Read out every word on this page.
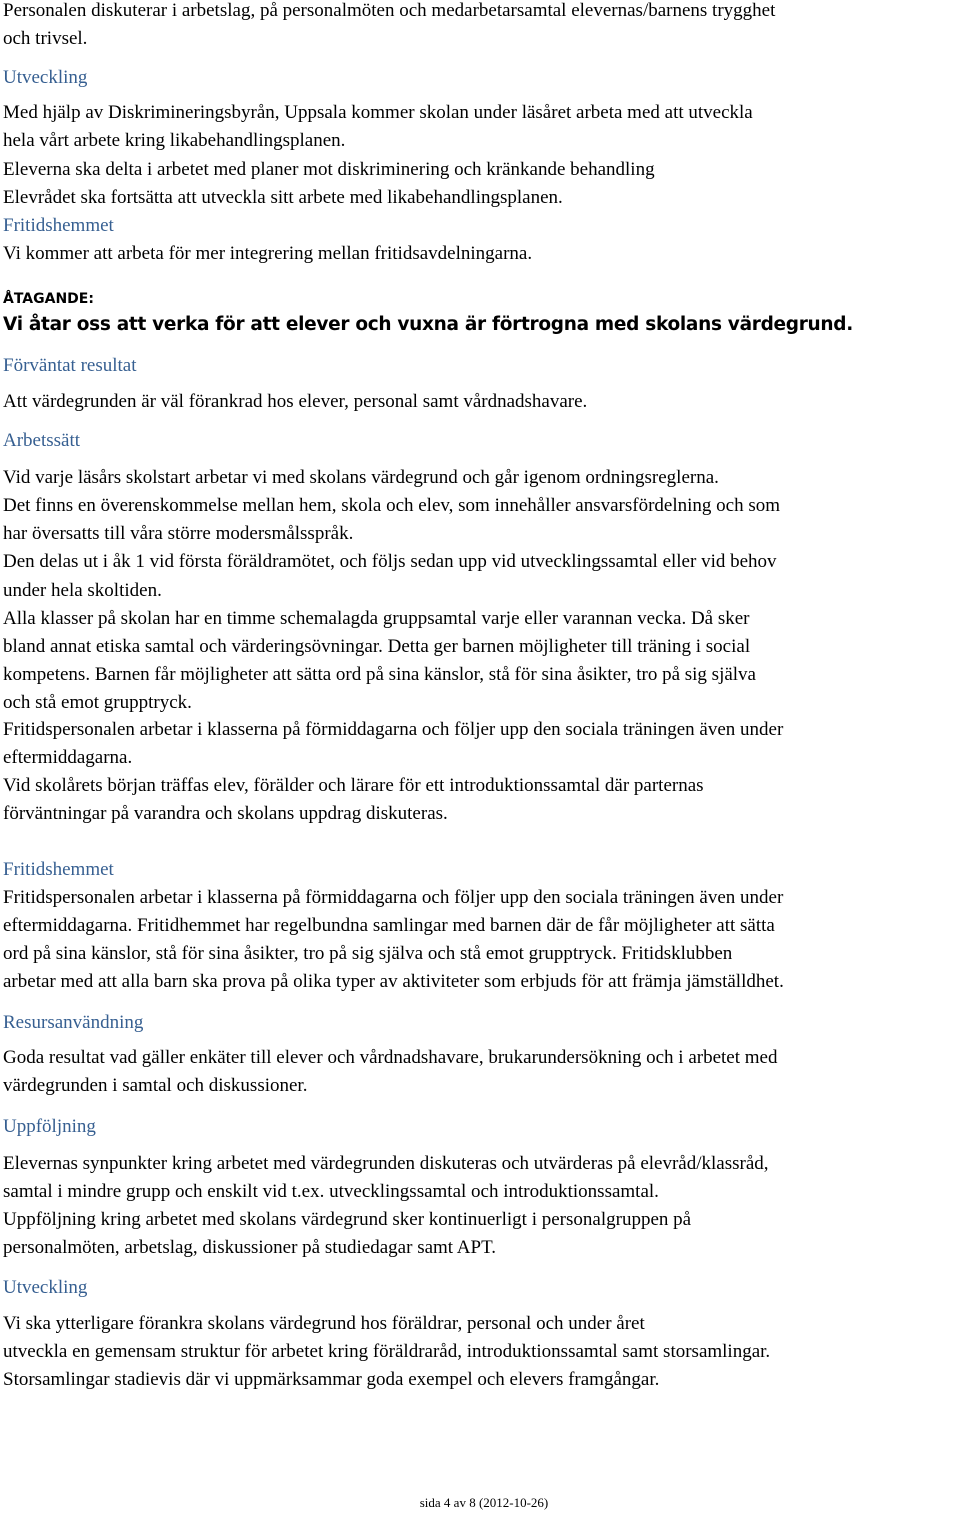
Personalen diskuterar i arbetslag, på personalmöten och medarbetarsamtal elevernas/barnens trygghet
och trivsel.
Utveckling
Med hjälp av Diskrimineringsbyrån, Uppsala kommer skolan under läsåret arbeta med att utveckla
hela vårt arbete kring likabehandlingsplanen.
Eleverna ska delta i arbetet med planer mot diskriminering och kränkande behandling
Elevrådet ska fortsätta att utveckla sitt arbete med likabehandlingsplanen.
Fritidshemmet
Vi kommer att arbeta för mer integrering mellan fritidsavdelningarna.
ÅTAGANDE:
Vi åtar oss att verka för att elever och vuxna är förtrogna med skolans värdegrund.
Förväntat resultat
Att värdegrunden är väl förankrad hos elever, personal samt vårdnadshavare.
Arbetssätt
Vid varje läsårs skolstart arbetar vi med skolans värdegrund och går igenom ordningsreglerna.
Det finns en överenskommelse mellan hem, skola och elev, som innehåller ansvarsfördelning och som
har översatts till våra större modersmålsspråk.
Den delas ut i åk 1 vid första föräldramötet, och följs sedan upp vid utvecklingssamtal eller vid behov
under hela skoltiden.
Alla klasser på skolan har en timme schemalagda gruppsamtal varje eller varannan vecka. Då sker
bland annat etiska samtal och värderingsövningar. Detta ger barnen möjligheter till träning i social
kompetens. Barnen får möjligheter att sätta ord på sina känslor, stå för sina åsikter, tro på sig själva
och stå emot grupptryck.
Fritidspersonalen arbetar i klasserna på förmiddagarna och följer upp den sociala träningen även under
eftermiddagarna.
Vid skolårets början träffas elev, förälder och lärare för ett introduktionssamtal där parternas
förväntningar på varandra och skolans uppdrag diskuteras.
Fritidshemmet
Fritidspersonalen arbetar i klasserna på förmiddagarna och följer upp den sociala träningen även under
eftermiddagarna. Fritidhemmet har regelbundna samlingar med barnen där de får möjligheter att sätta
ord på sina känslor, stå för sina åsikter, tro på sig själva och stå emot grupptryck. Fritidsklubben
arbetar med att alla barn ska prova på olika typer av aktiviteter som erbjuds för att främja jämställdhet.
Resursanvändning
Goda resultat vad gäller enkäter till elever och vårdnadshavare, brukarundersökning och i arbetet med
värdegrunden i samtal och diskussioner.
Uppföljning
Elevernas synpunkter kring arbetet med värdegrunden diskuteras och utvärderas på elevråd/klassråd,
samtal i mindre grupp och enskilt vid t.ex. utvecklingssamtal och introduktionssamtal.
Uppföljning kring arbetet med skolans värdegrund sker kontinuerligt i personalgruppen på
personalmöten, arbetslag, diskussioner på studiedagar samt APT.
Utveckling
Vi ska ytterligare förankra skolans värdegrund hos föräldrar, personal och under året
utveckla en gemensam struktur för arbetet kring föräldraråd, introduktionssamtal samt storsamlingar.
Storsamlingar stadievis där vi uppmärksammar goda exempel och elevers framgångar.
sida 4 av 8 (2012-10-26)
